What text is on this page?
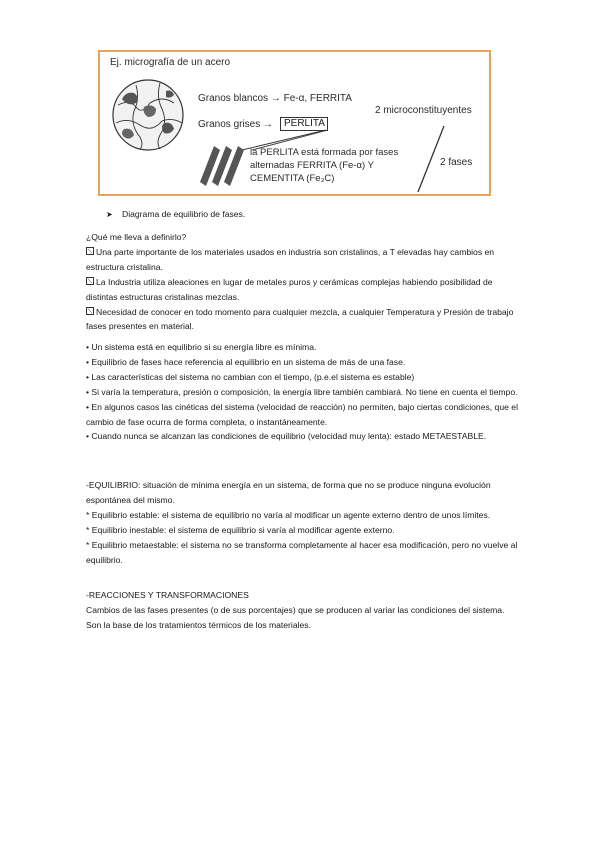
Ej. micrografía de un acero
Granos blancos → Fe-α, FERRITA
Granos grises → PERLITA
2 microconstituyentes
la PERLITA está formada por fases
alternadas FERRITA (Fe-α) Y
CEMENTITA (Fe₃C)
2 fases
➤ Diagrama de equilibrio de fases.

¿Qué me lleva a definirlo?

Una parte importante de los materiales usados en industria son cristalinos, a T elevadas hay cambios en estructura cristalina.

La Industria utiliza aleaciones en lugar de metales puros y cerámicas complejas habiendo posibilidad de distintas estructuras cristalinas mezclas.

Necesidad de conocer en todo momento para cualquier mezcla, a cualquier Temperatura y Presión de trabajo fases presentes en material.

• Un sistema está en equilibrio si su energía libre es mínima.

• Equilibrio de fases hace referencia al equilibrio en un sistema de más de una fase.

• Las características del sistema no cambian con el tiempo, (p.e.el sistema es estable)

• Si varía la temperatura, presión o composición, la energía libre también cambiará. No tiene en cuenta el tiempo.

• En algunos casos las cinéticas del sistema (velocidad de reacción) no permiten, bajo ciertas condiciones, que el cambio de fase ocurra de forma completa, o instantáneamente.

• Cuando nunca se alcanzan las condiciones de equilibrio (velocidad muy lenta): estado METAESTABLE.

-EQUILIBRIO: situación de mínima energía en un sistema, de forma que no se produce ninguna evolución espontánea del mismo.

* Equilibrio estable: el sistema de equilibrio no varía al modificar un agente externo dentro de unos límites.

* Equilibrio inestable: el sistema de equilibrio si varía al modificar agente externo.

* Equilibrio metaestable: el sistema no se transforma completamente al hacer esa modificación, pero no vuelve al equilibrio.

-REACCIONES Y TRANSFORMACIONES

Cambios de las fases presentes (o de sus porcentajes) que se producen al variar las condiciones del sistema. Son la base de los tratamientos térmicos de los materiales.
